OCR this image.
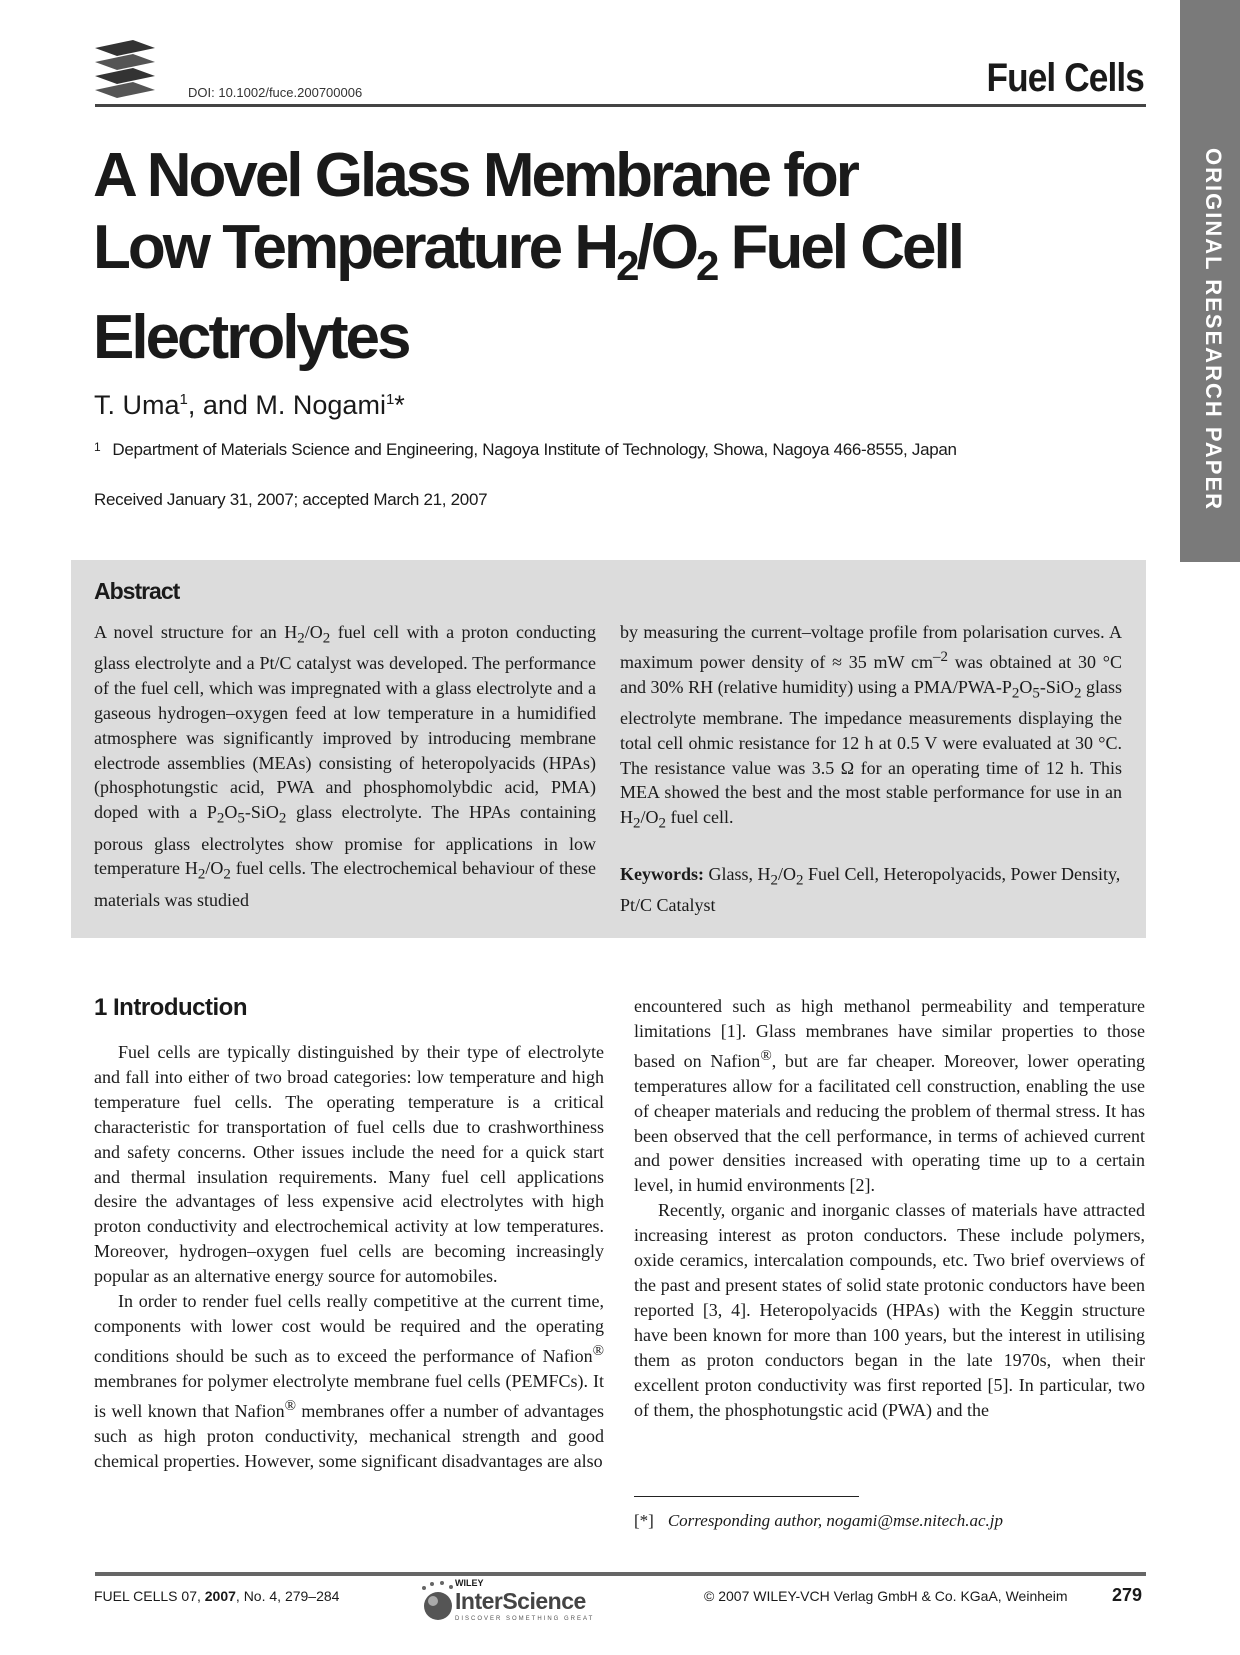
DOI: 10.1002/fuce.200700006	Fuel Cells
ORIGINAL RESEARCH PAPER
A Novel Glass Membrane for
Low Temperature $H_2/O_2$ Fuel Cell
Electrolytes
T. Uma$^1$, and M. Nogami$^1$*
$^1$ Department of Materials Science and Engineering, Nagoya Institute of Technology, Showa, Nagoya 466-8555, Japan
Received January 31, 2007; accepted March 21, 2007
Abstract

A novel structure for an $H_2/O_2$ fuel cell with a proton conducting glass electrolyte and a Pt/C catalyst was developed. The performance of the fuel cell, which was impregnated with a glass electrolyte and a gaseous hydrogen–oxygen feed at low temperature in a humidified atmosphere was significantly improved by introducing membrane electrode assemblies (MEAs) consisting of heteropolyacids (HPAs) (phosphotungstic acid, PWA and phosphomolybdic acid, PMA) doped with a $P_2O_5-SiO_2$ glass electrolyte. The HPAs containing porous glass electrolytes show promise for applications in low temperature $H_2/O_2$ fuel cells. The electrochemical behaviour of these materials was studied

by measuring the current–voltage profile from polarisation curves. A maximum power density of ≈ 35 mW $cm^{-2}$ was obtained at 30 °C and 30% RH (relative humidity) using a PMA/$PWA-P_2O_5-SiO_2$ glass electrolyte membrane. The impedance measurements displaying the total cell ohmic resistance for 12 h at 0.5 V were evaluated at 30 °C. The resistance value was 3.5 Ω for an operating time of 12 h. This MEA showed the best and the most stable performance for use in an $H_2/O_2$ fuel cell.

Keywords: Glass, $H_2/O_2$ Fuel Cell, Heteropolyacids, Power Density, Pt/C Catalyst

1 Introduction

Fuel cells are typically distinguished by their type of electrolyte and fall into either of two broad categories: low temperature and high temperature fuel cells. The operating temperature is a critical characteristic for transportation of fuel cells due to crashworthiness and safety concerns. Other issues include the need for a quick start and thermal insulation requirements. Many fuel cell applications desire the advantages of less expensive acid electrolytes with high proton conductivity and electrochemical activity at low temperatures. Moreover, hydrogen–oxygen fuel cells are becoming increasingly popular as an alternative energy source for automobiles.

In order to render fuel cells really competitive at the current time, components with lower cost would be required and the operating conditions should be such as to exceed the performance of Nafion® membranes for polymer electrolyte membrane fuel cells (PEMFCs). It is well known that Nafion® membranes offer a number of advantages such as high proton conductivity, mechanical strength and good chemical properties. However, some significant disadvantages are also

encountered such as high methanol permeability and temperature limitations [1]. Glass membranes have similar properties to those based on Nafion®, but are far cheaper. Moreover, lower operating temperatures allow for a facilitated cell construction, enabling the use of cheaper materials and reducing the problem of thermal stress. It has been observed that the cell performance, in terms of achieved current and power densities increased with operating time up to a certain level, in humid environments [2].

Recently, organic and inorganic classes of materials have attracted increasing interest as proton conductors. These include polymers, oxide ceramics, intercalation compounds, etc. Two brief overviews of the past and present states of solid state protonic conductors have been reported [3, 4]. Heteropolyacids (HPAs) with the Keggin structure have been known for more than 100 years, but the interest in utilising them as proton conductors began in the late 1970s, when their excellent proton conductivity was first reported [5]. In particular, two of them, the phosphotungstic acid (PWA) and the

[*] Corresponding author, nogami@mse.nitech.ac.jp
FUEL CELLS 07, 2007, No. 4, 279–284
WILEY
InterScience
DISCOVER SOMETHING GREAT
© 2007 WILEY-VCH Verlag GmbH & Co. KGaA, Weinheim 279
